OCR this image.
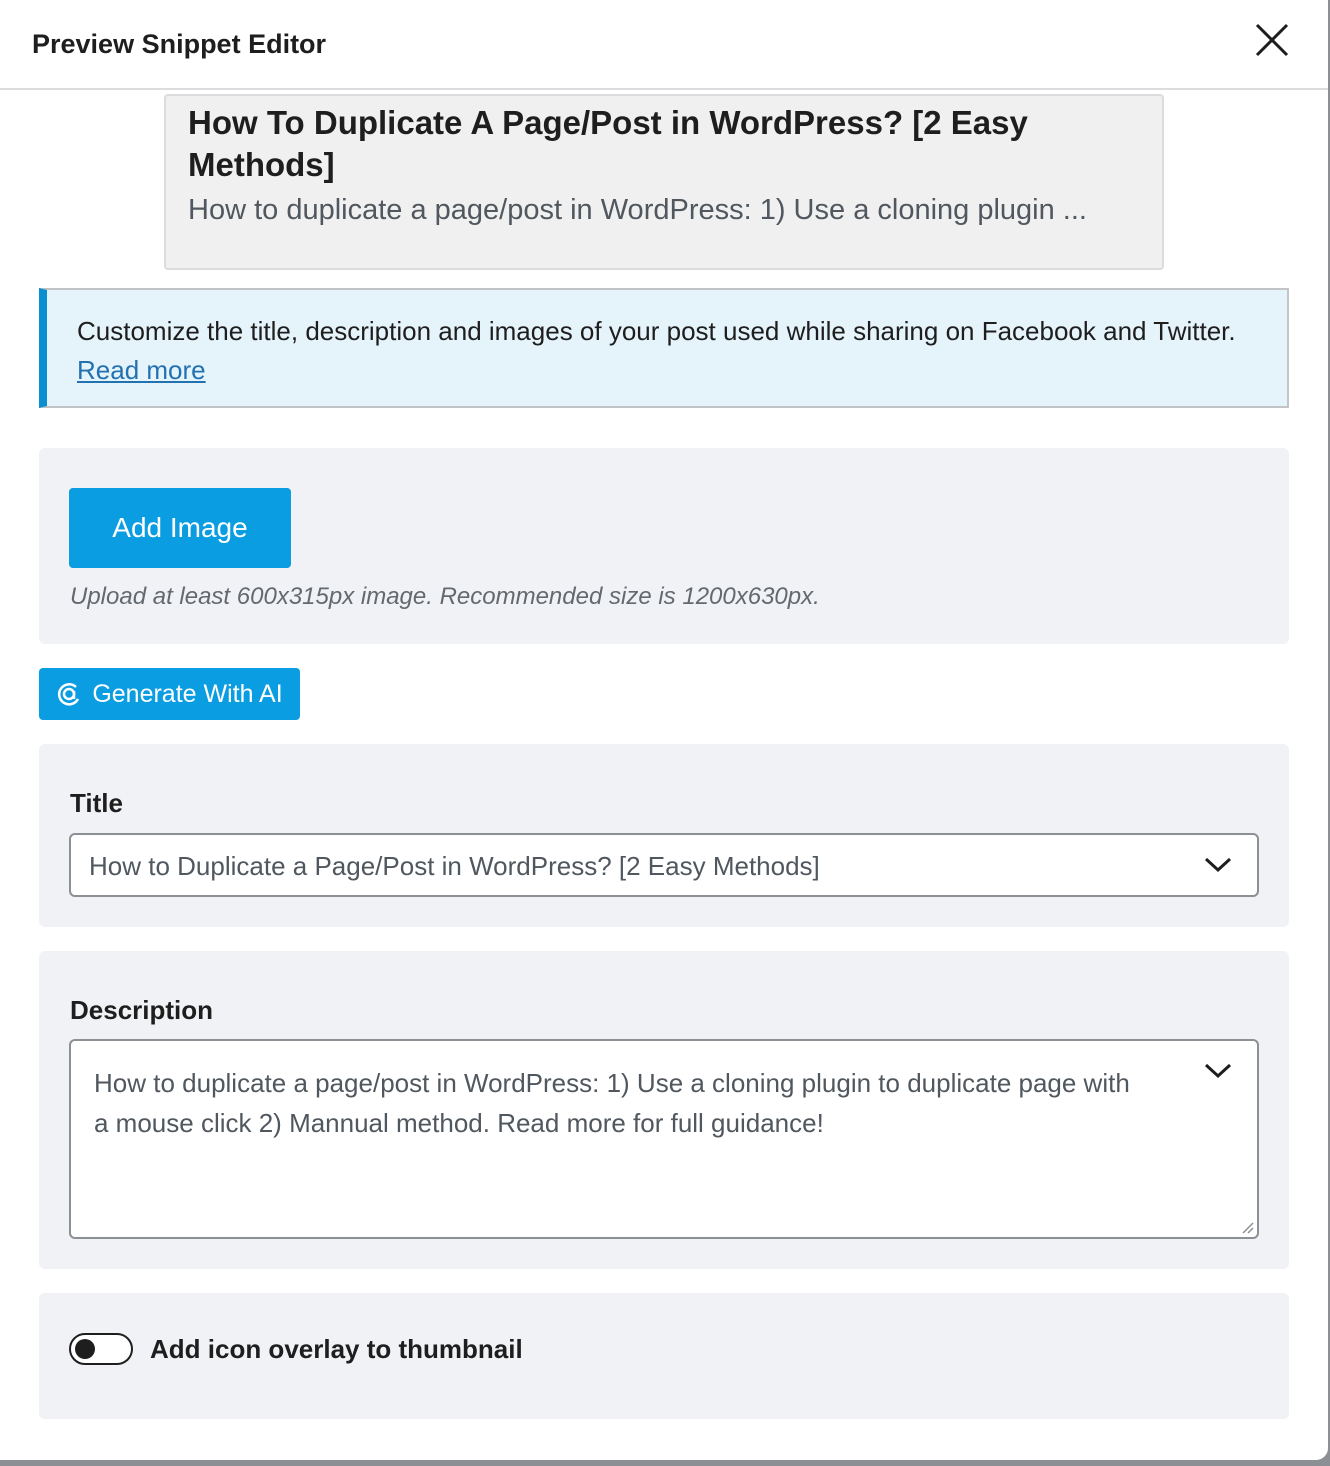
Preview Snippet Editor
How To Duplicate A Page/Post in WordPress? [2 Easy Methods]
How to duplicate a page/post in WordPress: 1) Use a cloning plugin ...
Customize the title, description and images of your post used while sharing on Facebook and Twitter. Read more
Add Image
Upload at least 600x315px image. Recommended size is 1200x630px.
Generate With AI
Title
How to Duplicate a Page/Post in WordPress? [2 Easy Methods]
Description
How to duplicate a page/post in WordPress: 1) Use a cloning plugin to duplicate page with a mouse click 2) Mannual method. Read more for full guidance!
Add icon overlay to thumbnail
